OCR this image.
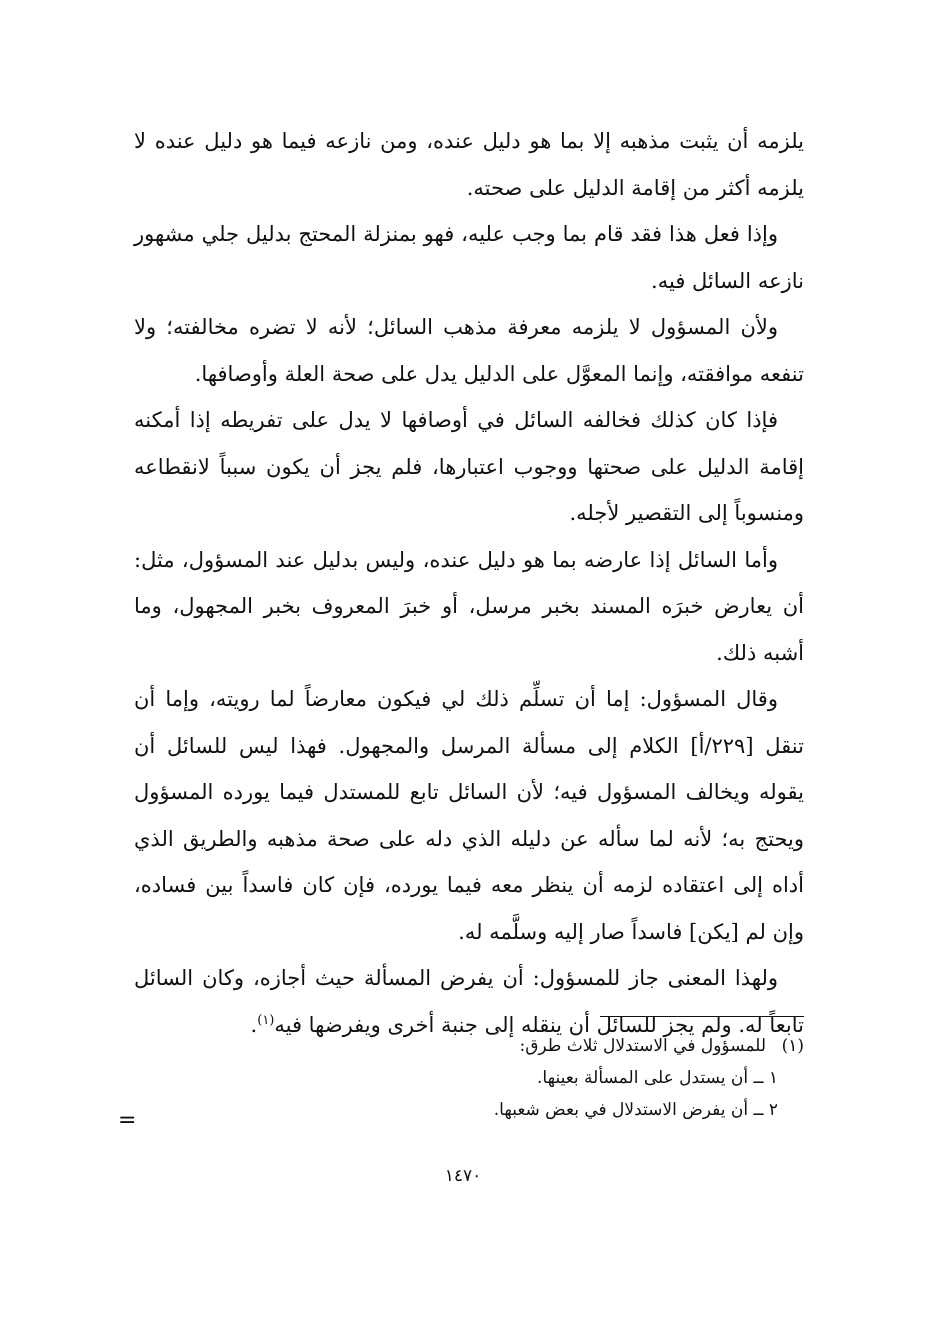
يلزمه أن يثبت مذهبه إلا بما هو دليل عنده، ومن نازعه فيما هو دليل عنده لا يلزمه أكثر من إقامة الدليل على صحته.

وإذا فعل هذا فقد قام بما وجب عليه، فهو بمنزلة المحتج بدليل جلي مشهور نازعه السائل فيه.

ولأن المسؤول لا يلزمه معرفة مذهب السائل؛ لأنه لا تضره مخالفته؛ ولا تنفعه موافقته، وإنما المعوَّل على الدليل يدل على صحة العلة وأوصافها.

فإذا كان كذلك فخالفه السائل في أوصافها لا يدل على تفريطه إذا أمكنه إقامة الدليل على صحتها ووجوب اعتبارها، فلم يجز أن يكون سبباً لانقطاعه ومنسوباً إلى التقصير لأجله.

وأما السائل إذا عارضه بما هو دليل عنده، وليس بدليل عند المسؤول، مثل: أن يعارض خبرَه المسند بخبر مرسل، أو خبرَ المعروف بخبر المجهول، وما أشبه ذلك.

وقال المسؤول: إما أن تسلِّم ذلك لي فيكون معارضاً لما رويته، وإما أن تنقل [٢٢٩/أ] الكلام إلى مسألة المرسل والمجهول. فهذا ليس للسائل أن يقوله ويخالف المسؤول فيه؛ لأن السائل تابع للمستدل فيما يورده المسؤول ويحتج به؛ لأنه لما سأله عن دليله الذي دله على صحة مذهبه والطريق الذي أداه إلى اعتقاده لزمه أن ينظر معه فيما يورده، فإن كان فاسداً بين فساده، وإن لم [يكن] فاسداً صار إليه وسلَّمه له.

ولهذا المعنى جاز للمسؤول: أن يفرض المسألة حيث أجازه، وكان السائل تابعاً له. ولم يجز للسائل أن ينقله إلى جنبة أخرى ويفرضها فيه$^{(١)}$.

(١)للمسؤول في الاستدلال ثلاث طرق:
١ ــ أن يستدل على المسألة بعينها.
٢ ــ أن يفرض الاستدلال في بعض شعبها.
=
١٤٧٠
